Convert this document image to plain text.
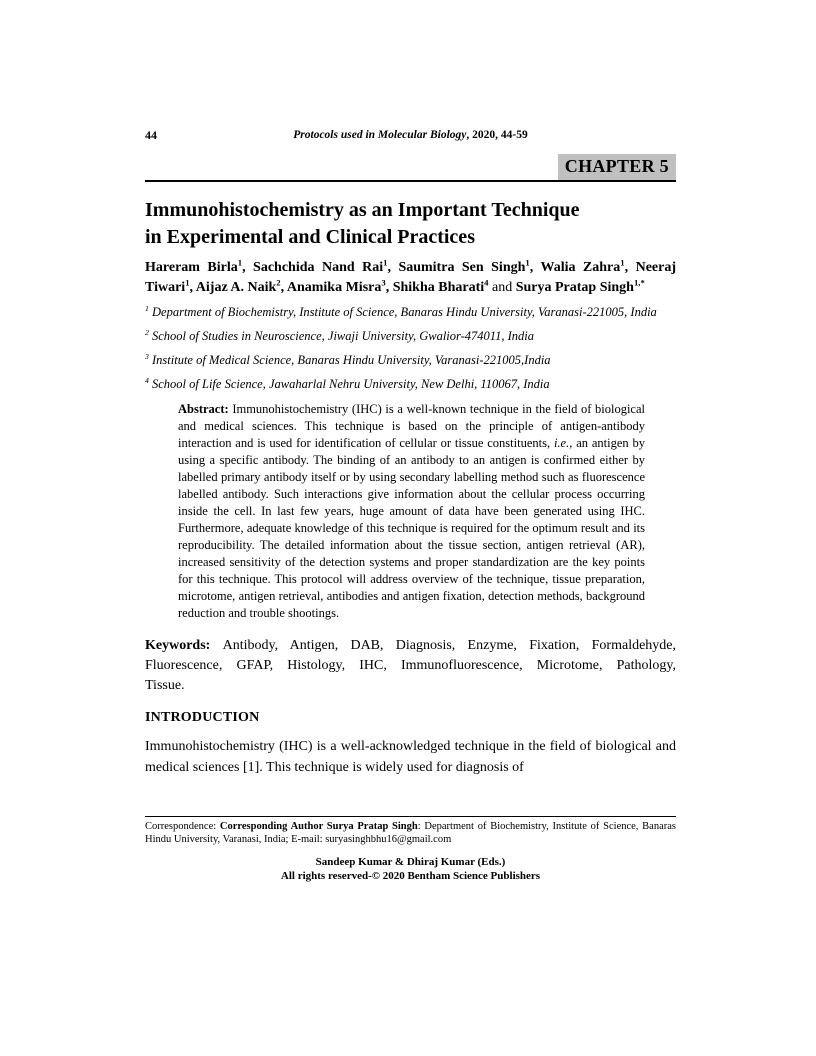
44	Protocols used in Molecular Biology, 2020, 44-59
CHAPTER 5
Immunohistochemistry as an Important Technique
in Experimental and Clinical Practices

Hareram Birla$^1$, Sachchida Nand Rai$^1$, Saumitra Sen Singh$^1$, Walia Zahra$^1$, Neeraj Tiwari$^1$, Aijaz A. Naik$^2$, Anamika Misra$^3$, Shikha Bharati$^4$ and Surya Pratap Singh$^{1,*}$

$^1$ Department of Biochemistry, Institute of Science, Banaras Hindu University, Varanasi-221005, India

$^2$ School of Studies in Neuroscience, Jiwaji University, Gwalior-474011, India

$^3$ Institute of Medical Science, Banaras Hindu University, Varanasi-221005,India

$^4$ School of Life Science, Jawaharlal Nehru University, New Delhi, 110067, India

Abstract: Immunohistochemistry (IHC) is a well-known technique in the field of biological and medical sciences. This technique is based on the principle of antigen-antibody interaction and is used for identification of cellular or tissue constituents, i.e., an antigen by using a specific antibody. The binding of an antibody to an antigen is confirmed either by labelled primary antibody itself or by using secondary labelling method such as fluorescence labelled antibody. Such interactions give information about the cellular process occurring inside the cell. In last few years, huge amount of data have been generated using IHC. Furthermore, adequate knowledge of this technique is required for the optimum result and its reproducibility. The detailed information about the tissue section, antigen retrieval (AR), increased sensitivity of the detection systems and proper standardization are the key points for this technique. This protocol will address overview of the technique, tissue preparation, microtome, antigen retrieval, antibodies and antigen fixation, detection methods, background reduction and trouble shootings.

Keywords: Antibody, Antigen, DAB, Diagnosis, Enzyme, Fixation, Formaldehyde, Fluorescence, GFAP, Histology, IHC, Immunofluorescence, Microtome, Pathology, Tissue.

INTRODUCTION

Immunohistochemistry (IHC) is a well-acknowledged technique in the field of biological and medical sciences [1]. This technique is widely used for diagnosis of

Correspondence: Corresponding Author Surya Pratap Singh: Department of Biochemistry, Institute of Science, Banaras Hindu University, Varanasi, India; E-mail: suryasinghbhu16@gmail.com

Sandeep Kumar & Dhiraj Kumar (Eds.)
All rights reserved-© 2020 Bentham Science Publishers
